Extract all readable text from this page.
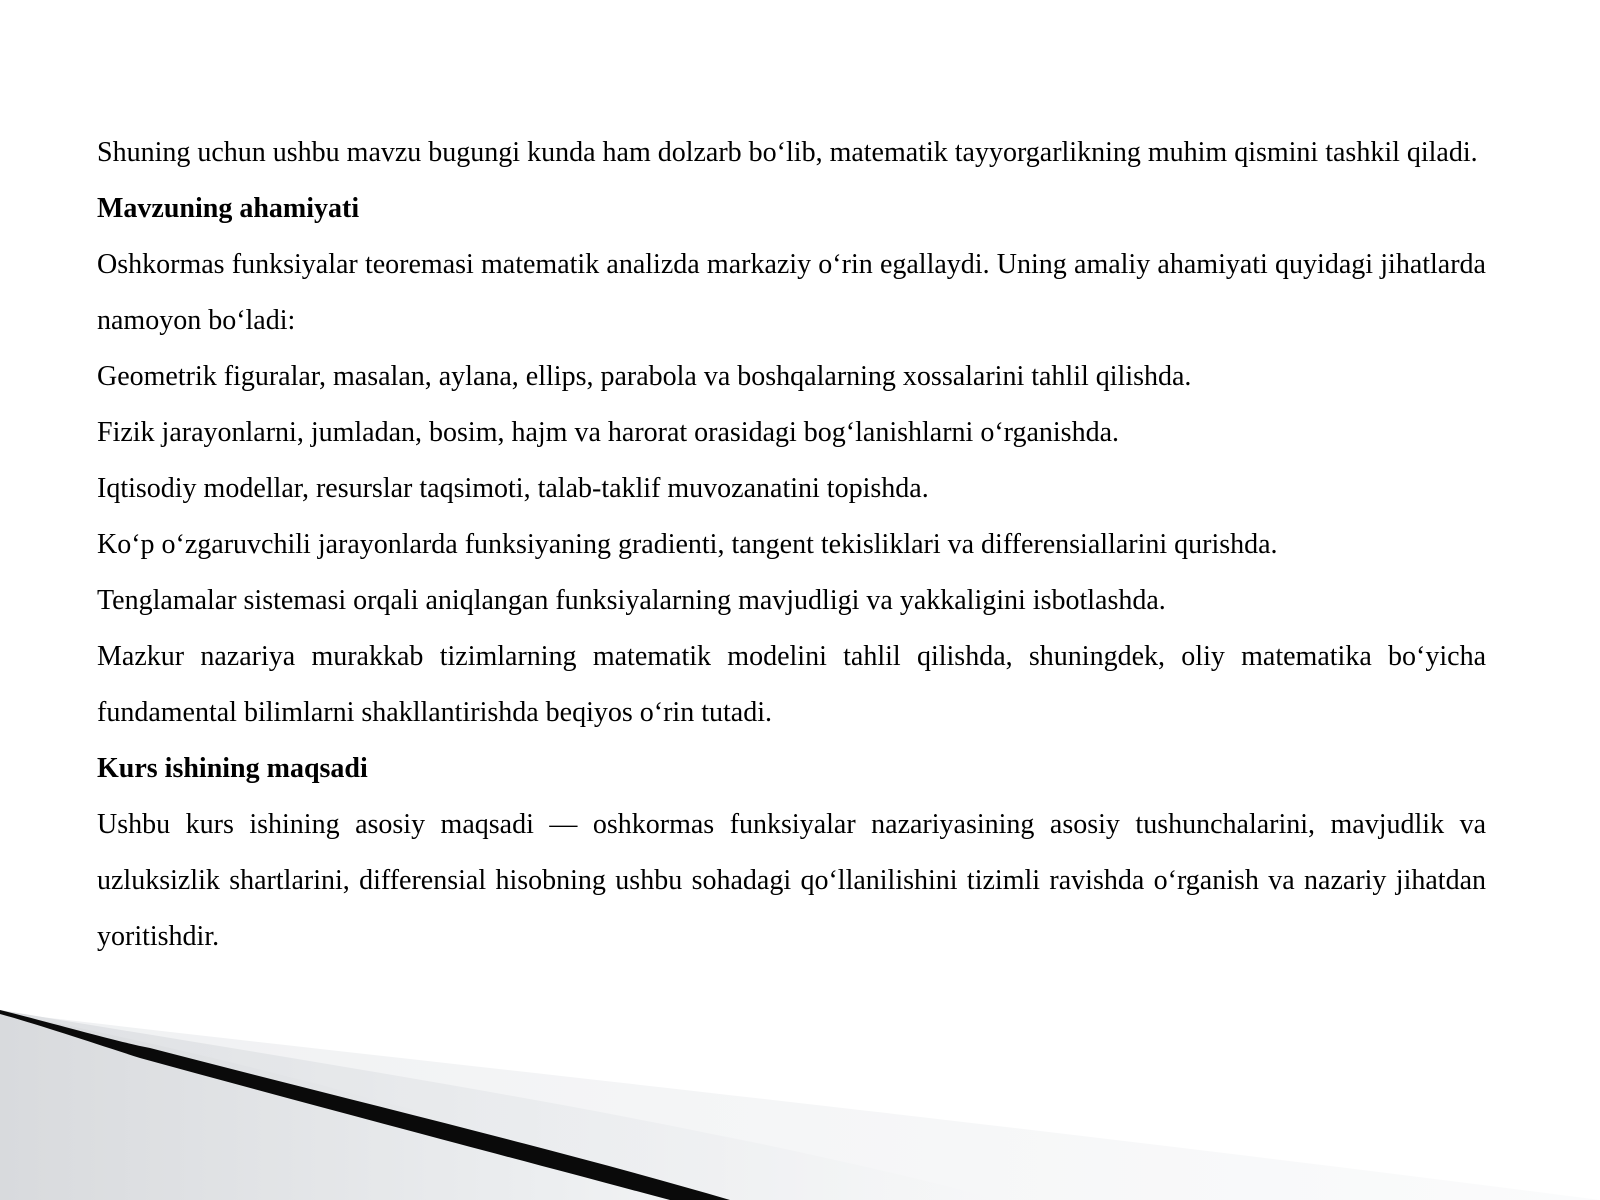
Shuning uchun ushbu mavzu bugungi kunda ham dolzarb bo‘lib, matematik tayyorgarlikning muhim qismini tashkil qiladi.

Mavzuning ahamiyati

Oshkormas funksiyalar teoremasi matematik analizda markaziy o‘rin egallaydi. Uning amaliy ahamiyati quyidagi jihatlarda namoyon bo‘ladi:

Geometrik figuralar, masalan, aylana, ellips, parabola va boshqalarning xossalarini tahlil qilishda.

Fizik jarayonlarni, jumladan, bosim, hajm va harorat orasidagi bog‘lanishlarni o‘rganishda.

Iqtisodiy modellar, resurslar taqsimoti, talab-taklif muvozanatini topishda.

Ko‘p o‘zgaruvchili jarayonlarda funksiyaning gradienti, tangent tekisliklari va differensiallarini qurishda.

Tenglamalar sistemasi orqali aniqlangan funksiyalarning mavjudligi va yakkaligini isbotlashda.

Mazkur nazariya murakkab tizimlarning matematik modelini tahlil qilishda, shuningdek, oliy matematika bo‘yicha fundamental bilimlarni shakllantirishda beqiyos o‘rin tutadi.

Kurs ishining maqsadi

Ushbu kurs ishining asosiy maqsadi — oshkormas funksiyalar nazariyasining asosiy tushunchalarini, mavjudlik va uzluksizlik shartlarini, differensial hisobning ushbu sohadagi qo‘llanilishini tizimli ravishda o‘rganish va nazariy jihatdan yoritishdir.
